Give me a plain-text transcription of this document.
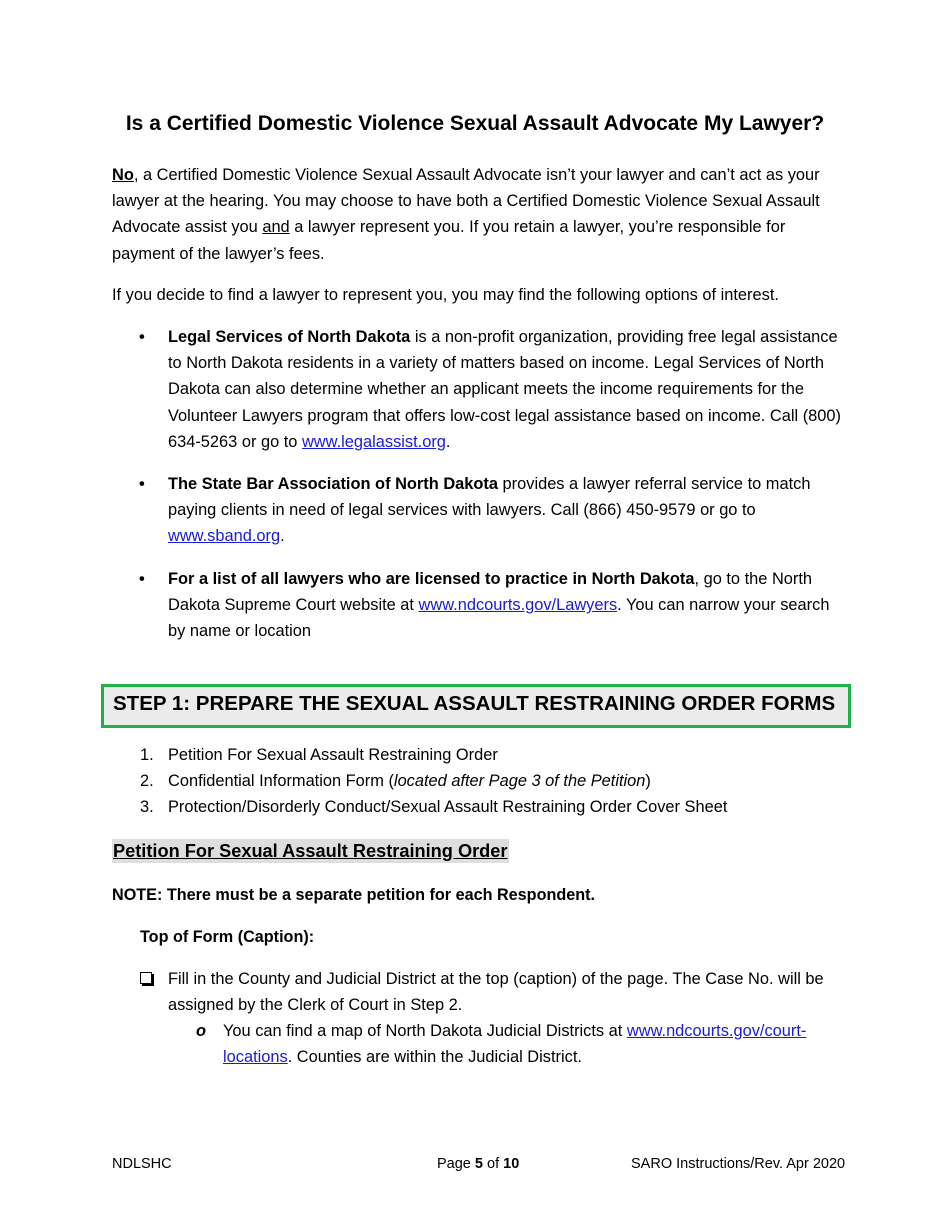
Is a Certified Domestic Violence Sexual Assault Advocate My Lawyer?

No, a Certified Domestic Violence Sexual Assault Advocate isn’t your lawyer and can’t act as your lawyer at the hearing. You may choose to have both a Certified Domestic Violence Sexual Assault Advocate assist you and a lawyer represent you. If you retain a lawyer, you’re responsible for payment of the lawyer’s fees.

If you decide to find a lawyer to represent you, you may find the following options of interest.

• Legal Services of North Dakota is a non-profit organization, providing free legal assistance to North Dakota residents in a variety of matters based on income. Legal Services of North Dakota can also determine whether an applicant meets the income requirements for the Volunteer Lawyers program that offers low-cost legal assistance based on income. Call (800) 634-5263 or go to www.legalassist.org.
• The State Bar Association of North Dakota provides a lawyer referral service to match paying clients in need of legal services with lawyers. Call (866) 450-9579 or go to www.sband.org.
• For a list of all lawyers who are licensed to practice in North Dakota, go to the North Dakota Supreme Court website at www.ndcourts.gov/Lawyers. You can narrow your search by name or location
STEP 1: PREPARE THE SEXUAL ASSAULT RESTRAINING ORDER FORMS
1. Petition For Sexual Assault Restraining Order
2. Confidential Information Form (located after Page 3 of the Petition)
3. Protection/Disorderly Conduct/Sexual Assault Restraining Order Cover Sheet
Petition For Sexual Assault Restraining Order
NOTE: There must be a separate petition for each Respondent.
Top of Form (Caption):
Fill in the County and Judicial District at the top (caption) of the page. The Case No. will be assigned by the Clerk of Court in Step 2.
o You can find a map of North Dakota Judicial Districts at www.ndcourts.gov/court-locations. Counties are within the Judicial District.
NDLSHC	Page 5 of 10	SARO Instructions/Rev. Apr 2020
